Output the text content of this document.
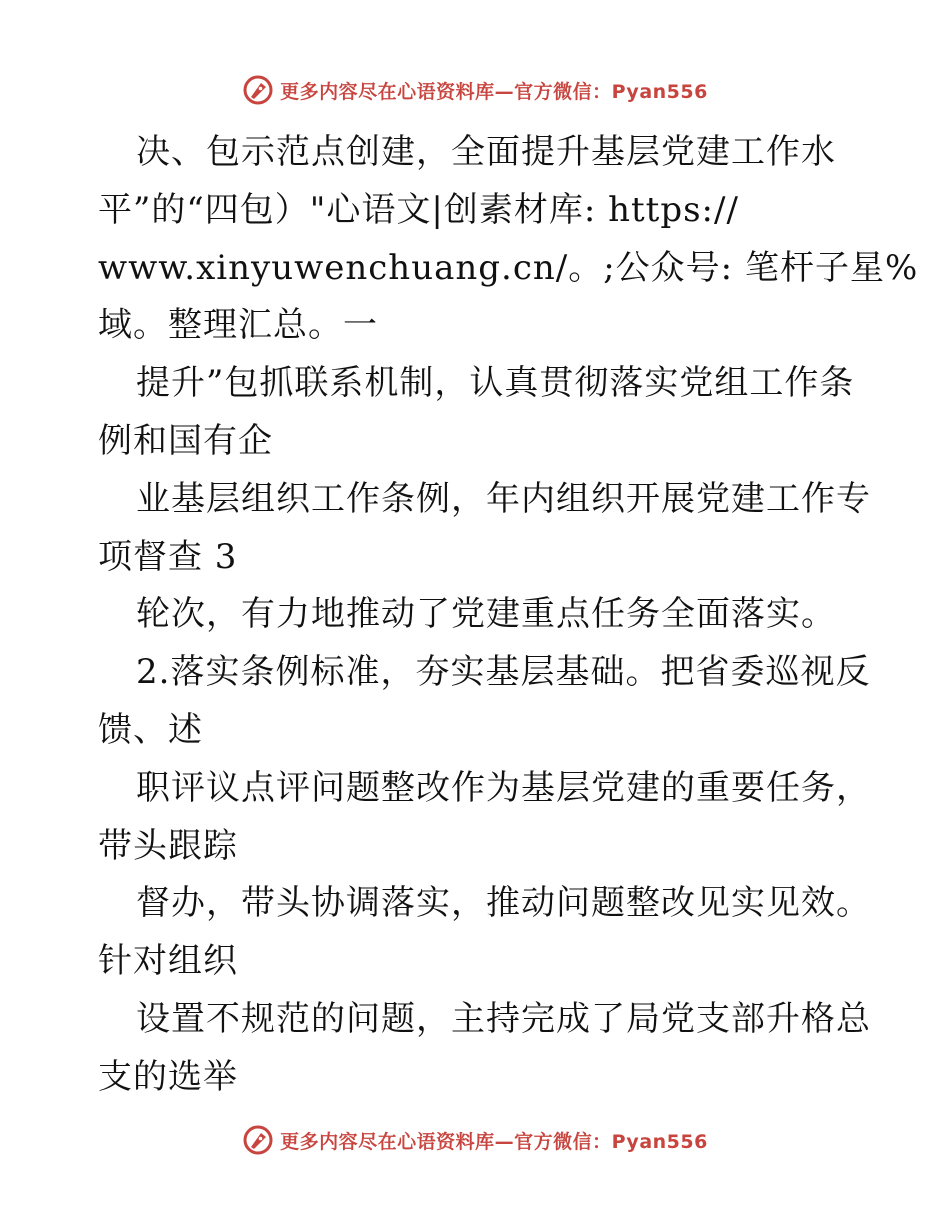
更多内容尽在心语资料库—官方微信：Pyan556
决、包示范点创建，全面提升基层党建工作水
平”的“四包）"心语文|创素材库: https://
www.xinyuwenchuang.cn/。;公众号: 笔杆子星%
域。整理汇总。一
提升”包抓联系机制，认真贯彻落实党组工作条
例和国有企
业基层组织工作条例，年内组织开展党建工作专
项督查 3
轮次，有力地推动了党建重点任务全面落实。
2.落实条例标准，夯实基层基础。把省委巡视反
馈、述
职评议点评问题整改作为基层党建的重要任务，
带头跟踪
督办，带头协调落实，推动问题整改见实见效。
针对组织
设置不规范的问题，主持完成了局党支部升格总
支的选举
更多内容尽在心语资料库—官方微信：Pyan556
